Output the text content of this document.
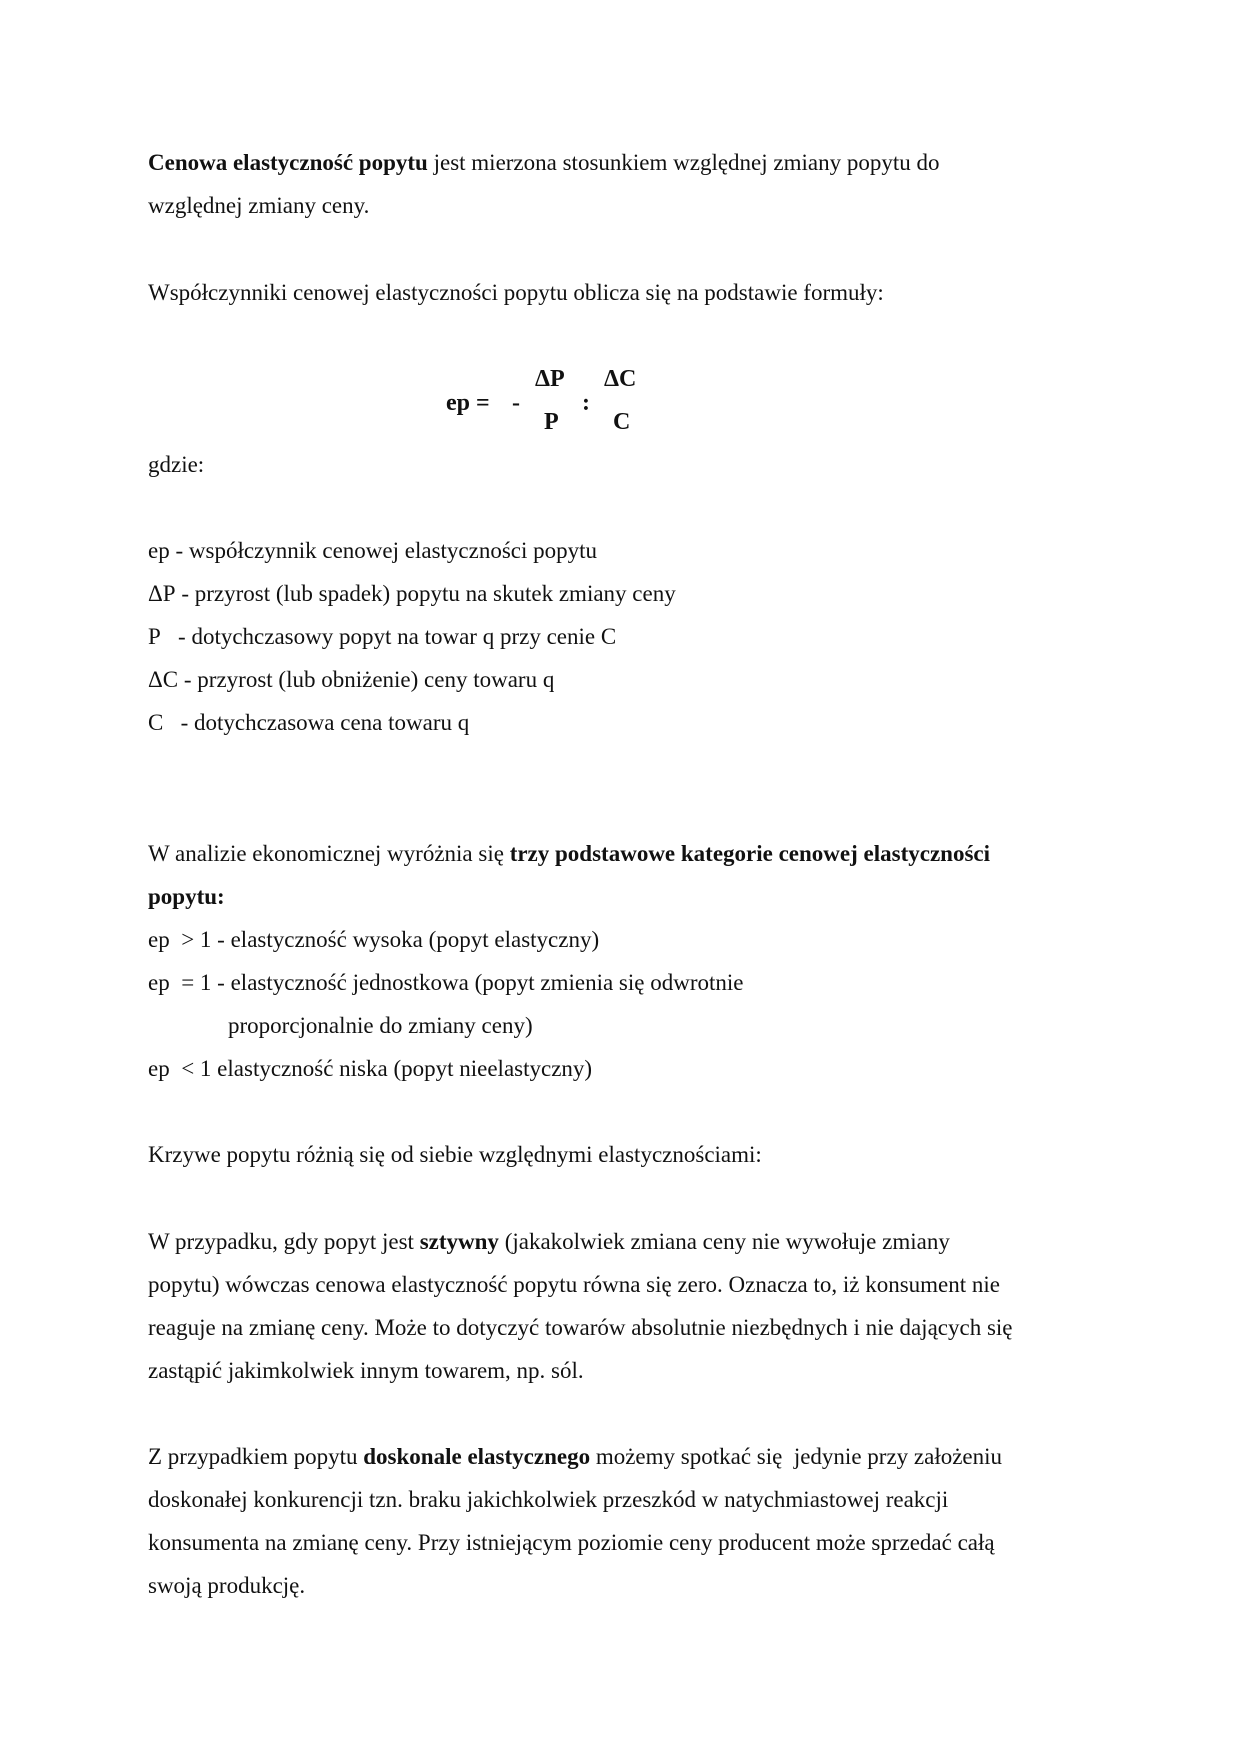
Cenowa elastyczność popytu jest mierzona stosunkiem względnej zmiany popytu do
względnej zmiany ceny.
Współczynniki cenowej elastyczności popytu oblicza się na podstawie formuły:
ep = -
ΔP
P
:
ΔC
C
gdzie:
ep - współczynnik cenowej elastyczności popytu
ΔP - przyrost (lub spadek) popytu na skutek zmiany ceny
P   - dotychczasowy popyt na towar q przy cenie C
ΔC - przyrost (lub obniżenie) ceny towaru q
C   - dotychczasowa cena towaru q
W analizie ekonomicznej wyróżnia się trzy podstawowe kategorie cenowej elastyczności
popytu:
ep  > 1 - elastyczność wysoka (popyt elastyczny)
ep  = 1 - elastyczność jednostkowa (popyt zmienia się odwrotnie
proporcjonalnie do zmiany ceny)
ep  < 1 elastyczność niska (popyt nieelastyczny)
Krzywe popytu różnią się od siebie względnymi elastycznościami:
W przypadku, gdy popyt jest sztywny (jakakolwiek zmiana ceny nie wywołuje zmiany
popytu) wówczas cenowa elastyczność popytu równa się zero. Oznacza to, iż konsument nie
reaguje na zmianę ceny. Może to dotyczyć towarów absolutnie niezbędnych i nie dających się
zastąpić jakimkolwiek innym towarem, np. sól.
Z przypadkiem popytu doskonale elastycznego możemy spotkać się  jedynie przy założeniu
doskonałej konkurencji tzn. braku jakichkolwiek przeszkód w natychmiastowej reakcji
konsumenta na zmianę ceny. Przy istniejącym poziomie ceny producent może sprzedać całą
swoją produkcję.
